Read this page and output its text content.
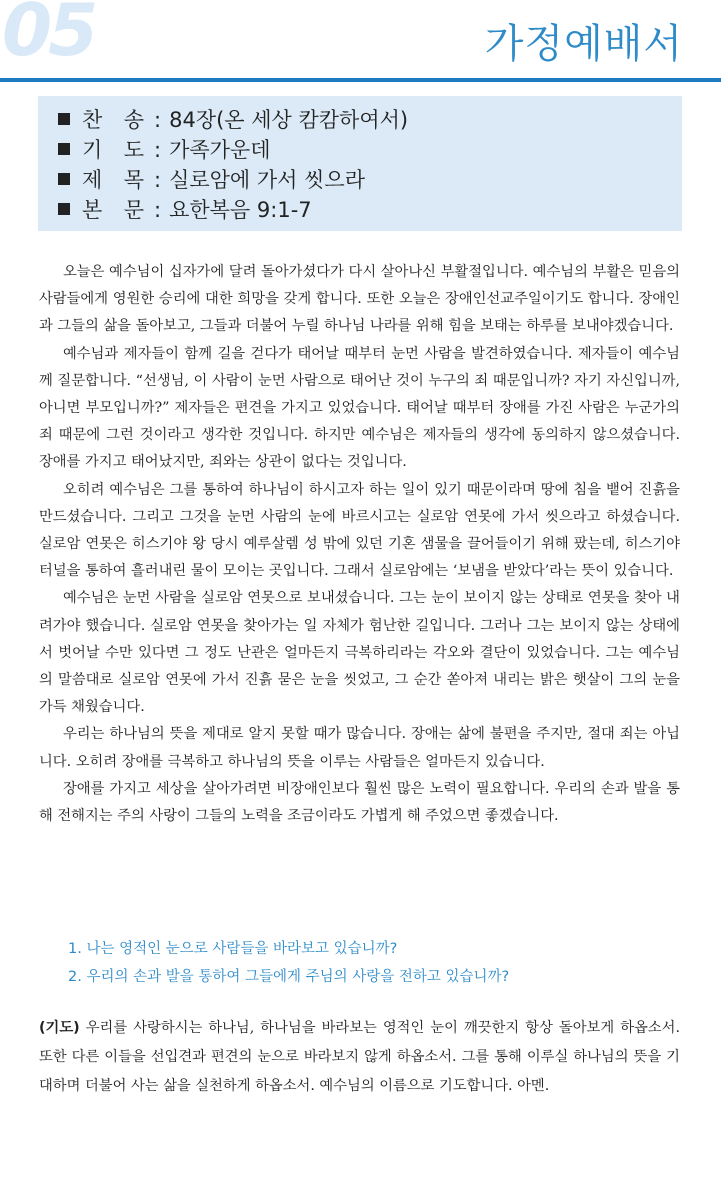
05	가정예배서
찬 송 : 84장(온 세상 캄캄하여서)
기 도 : 가족가운데
제 목 : 실로암에 가서 씻으라
본 문 : 요한복음 9:1-7

오늘은 예수님이 십자가에 달려 돌아가셨다가 다시 살아나신 부활절입니다. 예수님의 부활은 믿음의 사람들에게 영원한 승리에 대한 희망을 갖게 합니다. 또한 오늘은 장애인선교주일이기도 합니다. 장애인과 그들의 삶을 돌아보고, 그들과 더불어 누릴 하나님 나라를 위해 힘을 보태는 하루를 보내야겠습니다.

예수님과 제자들이 함께 길을 걷다가 태어날 때부터 눈먼 사람을 발견하였습니다. 제자들이 예수님께 질문합니다. “선생님, 이 사람이 눈먼 사람으로 태어난 것이 누구의 죄 때문입니까? 자기 자신입니까, 아니면 부모입니까?” 제자들은 편견을 가지고 있었습니다. 태어날 때부터 장애를 가진 사람은 누군가의 죄 때문에 그런 것이라고 생각한 것입니다. 하지만 예수님은 제자들의 생각에 동의하지 않으셨습니다. 장애를 가지고 태어났지만, 죄와는 상관이 없다는 것입니다.

오히려 예수님은 그를 통하여 하나님이 하시고자 하는 일이 있기 때문이라며 땅에 침을 뱉어 진흙을 만드셨습니다. 그리고 그것을 눈먼 사람의 눈에 바르시고는 실로암 연못에 가서 씻으라고 하셨습니다. 실로암 연못은 히스기야 왕 당시 예루살렘 성 밖에 있던 기혼 샘물을 끌어들이기 위해 팠는데, 히스기야 터널을 통하여 흘러내린 물이 모이는 곳입니다. 그래서 실로암에는 ‘보냄을 받았다’라는 뜻이 있습니다.

예수님은 눈먼 사람을 실로암 연못으로 보내셨습니다. 그는 눈이 보이지 않는 상태로 연못을 찾아 내려가야 했습니다. 실로암 연못을 찾아가는 일 자체가 험난한 길입니다. 그러나 그는 보이지 않는 상태에서 벗어날 수만 있다면 그 정도 난관은 얼마든지 극복하리라는 각오와 결단이 있었습니다. 그는 예수님의 말씀대로 실로암 연못에 가서 진흙 묻은 눈을 씻었고, 그 순간 쏟아져 내리는 밝은 햇살이 그의 눈을 가득 채웠습니다.

우리는 하나님의 뜻을 제대로 알지 못할 때가 많습니다. 장애는 삶에 불편을 주지만, 절대 죄는 아닙니다. 오히려 장애를 극복하고 하나님의 뜻을 이루는 사람들은 얼마든지 있습니다.

장애를 가지고 세상을 살아가려면 비장애인보다 훨씬 많은 노력이 필요합니다. 우리의 손과 발을 통해 전해지는 주의 사랑이 그들의 노력을 조금이라도 가볍게 해 주었으면 좋겠습니다.

1. 나는 영적인 눈으로 사람들을 바라보고 있습니까?
2. 우리의 손과 발을 통하여 그들에게 주님의 사랑을 전하고 있습니까?
(기도) 우리를 사랑하시는 하나님, 하나님을 바라보는 영적인 눈이 깨끗한지 항상 돌아보게 하옵소서. 또한 다른 이들을 선입견과 편견의 눈으로 바라보지 않게 하옵소서. 그를 통해 이루실 하나님의 뜻을 기대하며 더불어 사는 삶을 실천하게 하옵소서. 예수님의 이름으로 기도합니다. 아멘.
